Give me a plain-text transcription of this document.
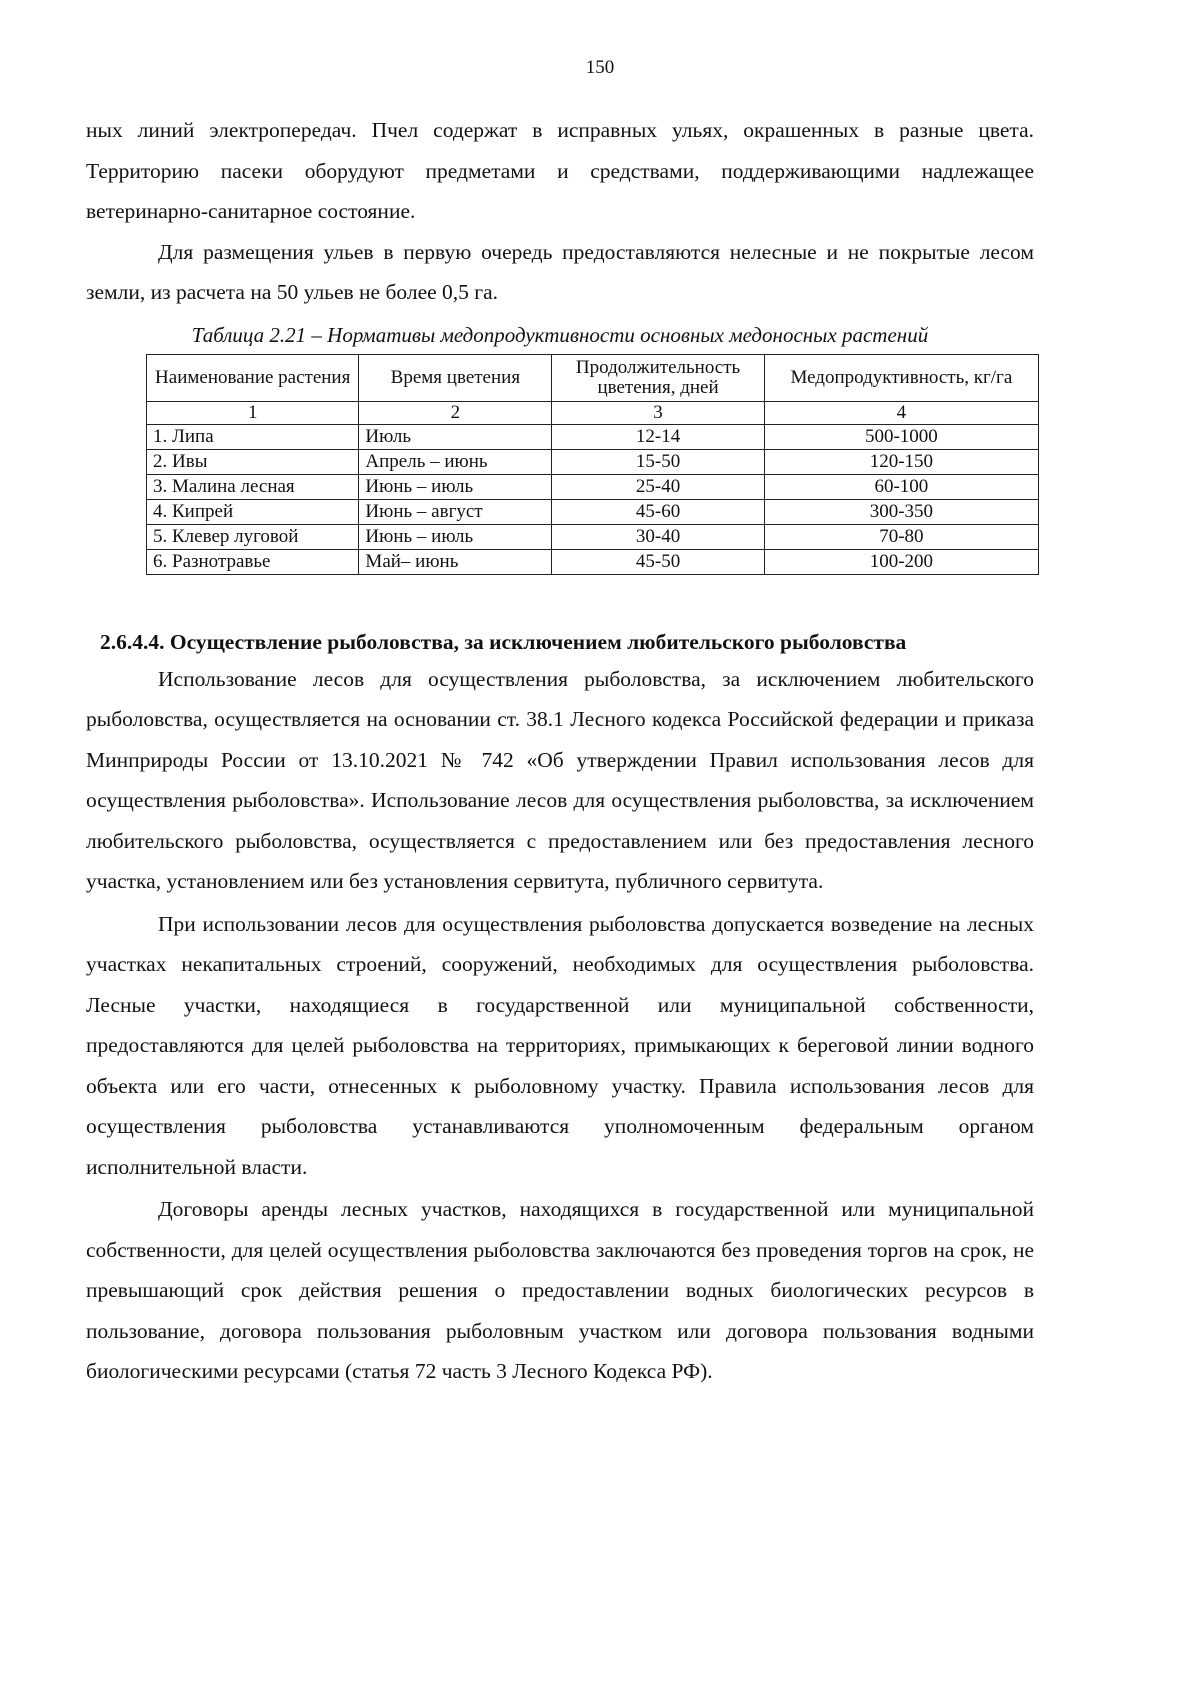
150

ных линий электропередач. Пчел содержат в исправных ульях, окрашенных в разные цвета. Территорию пасеки оборудуют предметами и средствами, поддерживающими надлежащее ветеринарно-санитарное состояние.

Для размещения ульев в первую очередь предоставляются нелесные и не покрытые лесом земли, из расчета на 50 ульев не более 0,5 га.

Таблица 2.21 – Нормативы медопродуктивности основных медоносных растений

Наименование растения	Время цветения	Продолжительность цветения, дней	Медопродуктивность, кг/га
1	2	3	4
1. Липа	Июль	12-14	500-1000
2. Ивы	Апрель – июнь	15-50	120-150
3. Малина лесная	Июнь – июль	25-40	60-100
4. Кипрей	Июнь – август	45-60	300-350
5. Клевер луговой	Июнь – июль	30-40	70-80
6. Разнотравье	Май– июнь	45-50	100-200
2.6.4.4. Осуществление рыболовства, за исключением любительского рыболовства

Использование лесов для осуществления рыболовства, за исключением любительского рыболовства, осуществляется на основании ст. 38.1 Лесного кодекса Российской федерации и приказа Минприроды России от 13.10.2021 № 742 «Об утверждении Правил использования лесов для осуществления рыболовства». Использование лесов для осуществления рыболовства, за исключением любительского рыболовства, осуществляется с предоставлением или без предоставления лесного участка, установлением или без установления сервитута, публичного сервитута.

При использовании лесов для осуществления рыболовства допускается возведение на лесных участках некапитальных строений, сооружений, необходимых для осуществления рыболовства. Лесные участки, находящиеся в государственной или муниципальной собственности, предоставляются для целей рыболовства на территориях, примыкающих к береговой линии водного объекта или его части, отнесенных к рыболовному участку. Правила использования лесов для осуществления рыболовства устанавливаются уполномоченным федеральным органом исполнительной власти.

Договоры аренды лесных участков, находящихся в государственной или муниципальной собственности, для целей осуществления рыболовства заключаются без проведения торгов на срок, не превышающий срок действия решения о предоставлении водных биологических ресурсов в пользование, договора пользования рыболовным участком или договора пользования водными биологическими ресурсами (статья 72 часть 3 Лесного Кодекса РФ).
